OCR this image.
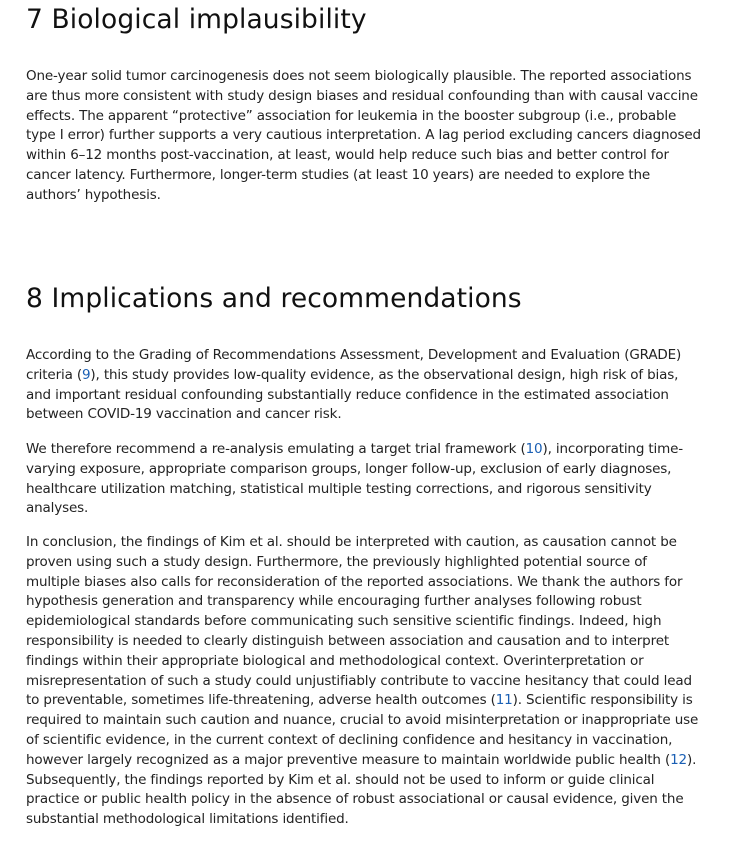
7 Biological implausibility

One-year solid tumor carcinogenesis does not seem biologically plausible. The reported associations are thus more consistent with study design biases and residual confounding than with causal vaccine effects. The apparent “protective” association for leukemia in the booster subgroup (i.e., probable type I error) further supports a very cautious interpretation. A lag period excluding cancers diagnosed within 6–12 months post-vaccination, at least, would help reduce such bias and better control for cancer latency. Furthermore, longer-term studies (at least 10 years) are needed to explore the authors’ hypothesis.

8 Implications and recommendations

According to the Grading of Recommendations Assessment, Development and Evaluation (GRADE) criteria (9), this study provides low-quality evidence, as the observational design, high risk of bias, and important residual confounding substantially reduce confidence in the estimated association between COVID-19 vaccination and cancer risk.

We therefore recommend a re-analysis emulating a target trial framework (10), incorporating time-varying exposure, appropriate comparison groups, longer follow-up, exclusion of early diagnoses, healthcare utilization matching, statistical multiple testing corrections, and rigorous sensitivity analyses.

In conclusion, the findings of Kim et al. should be interpreted with caution, as causation cannot be proven using such a study design. Furthermore, the previously highlighted potential source of multiple biases also calls for reconsideration of the reported associations. We thank the authors for hypothesis generation and transparency while encouraging further analyses following robust epidemiological standards before communicating such sensitive scientific findings. Indeed, high responsibility is needed to clearly distinguish between association and causation and to interpret findings within their appropriate biological and methodological context. Overinterpretation or misrepresentation of such a study could unjustifiably contribute to vaccine hesitancy that could lead to preventable, sometimes life-threatening, adverse health outcomes (11). Scientific responsibility is required to maintain such caution and nuance, crucial to avoid misinterpretation or inappropriate use of scientific evidence, in the current context of declining confidence and hesitancy in vaccination, however largely recognized as a major preventive measure to maintain worldwide public health (12). Subsequently, the findings reported by Kim et al. should not be used to inform or guide clinical practice or public health policy in the absence of robust associational or causal evidence, given the substantial methodological limitations identified.
